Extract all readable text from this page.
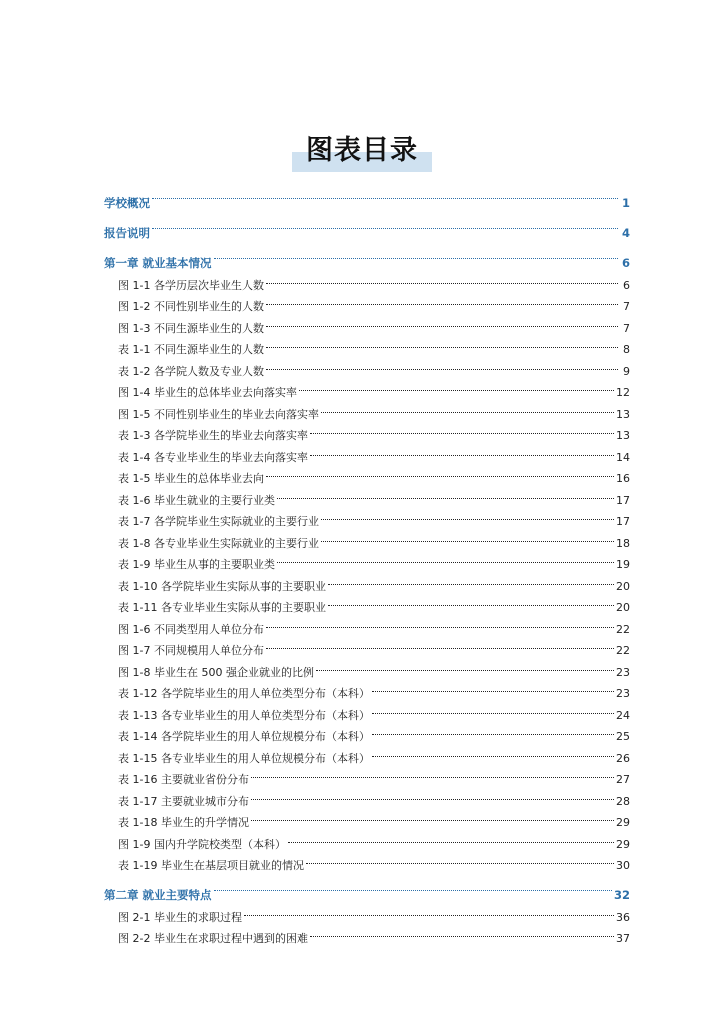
图表目录
学校概况	1
报告说明	4
第一章 就业基本情况	6
图 1-1 各学历层次毕业生人数	6
图 1-2 不同性别毕业生的人数	7
图 1-3 不同生源毕业生的人数	7
表 1-1 不同生源毕业生的人数	8
表 1-2 各学院人数及专业人数	9
图 1-4 毕业生的总体毕业去向落实率	12
图 1-5 不同性别毕业生的毕业去向落实率	13
表 1-3 各学院毕业生的毕业去向落实率	13
表 1-4 各专业毕业生的毕业去向落实率	14
表 1-5 毕业生的总体毕业去向	16
表 1-6 毕业生就业的主要行业类	17
表 1-7 各学院毕业生实际就业的主要行业	17
表 1-8 各专业毕业生实际就业的主要行业	18
表 1-9 毕业生从事的主要职业类	19
表 1-10 各学院毕业生实际从事的主要职业	20
表 1-11 各专业毕业生实际从事的主要职业	20
图 1-6 不同类型用人单位分布	22
图 1-7 不同规模用人单位分布	22
图 1-8 毕业生在 500 强企业就业的比例	23
表 1-12 各学院毕业生的用人单位类型分布（本科）	23
表 1-13 各专业毕业生的用人单位类型分布（本科）	24
表 1-14 各学院毕业生的用人单位规模分布（本科）	25
表 1-15 各专业毕业生的用人单位规模分布（本科）	26
表 1-16 主要就业省份分布	27
表 1-17 主要就业城市分布	28
表 1-18 毕业生的升学情况	29
图 1-9 国内升学院校类型（本科）	29
表 1-19 毕业生在基层项目就业的情况	30
第二章 就业主要特点	32
图 2-1 毕业生的求职过程	36
图 2-2 毕业生在求职过程中遇到的困难	37
